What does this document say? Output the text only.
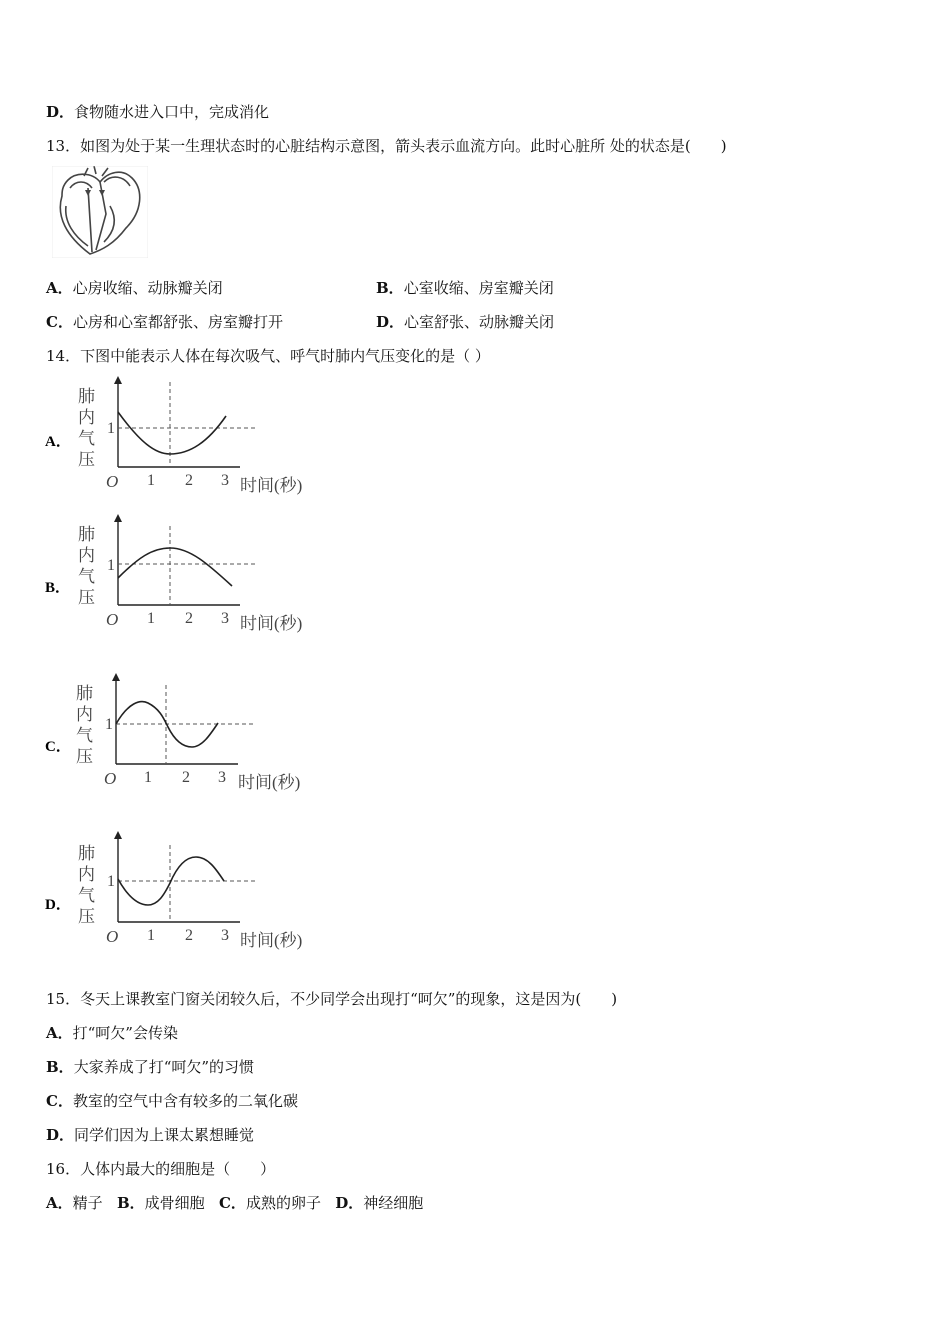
D．食物随水进入口中，完成消化
13．如图为处于某一生理状态时的心脏结构示意图，箭头表示血流方向。此时心脏所 处的状态是(　　)
A．心房收缩、动脉瓣关闭	B．心室收缩、房室瓣关闭
C．心房和心室都舒张、房室瓣打开	D．心室舒张、动脉瓣关闭
14．下图中能表示人体在每次吸气、呼气时肺内气压变化的是（ ）
A．
肺
内
气
压
1
O 1 2 3 时间(秒)
B．
肺
内
气
压
1
O 1 2 3 时间(秒)
C．
肺
内
气
压
1
O 1 2 3 时间(秒)
D．
肺
内
气
压
1
O 1 2 3 时间(秒)
15．冬天上课教室门窗关闭较久后，不少同学会出现打“呵欠”的现象，这是因为(　　)
A．打“呵欠”会传染
B．大家养成了打“呵欠”的习惯
C．教室的空气中含有较多的二氧化碳
D．同学们因为上课太累想睡觉
16．人体内最大的细胞是（　　）
A．精子 B．成骨细胞 C．成熟的卵子 D．神经细胞
